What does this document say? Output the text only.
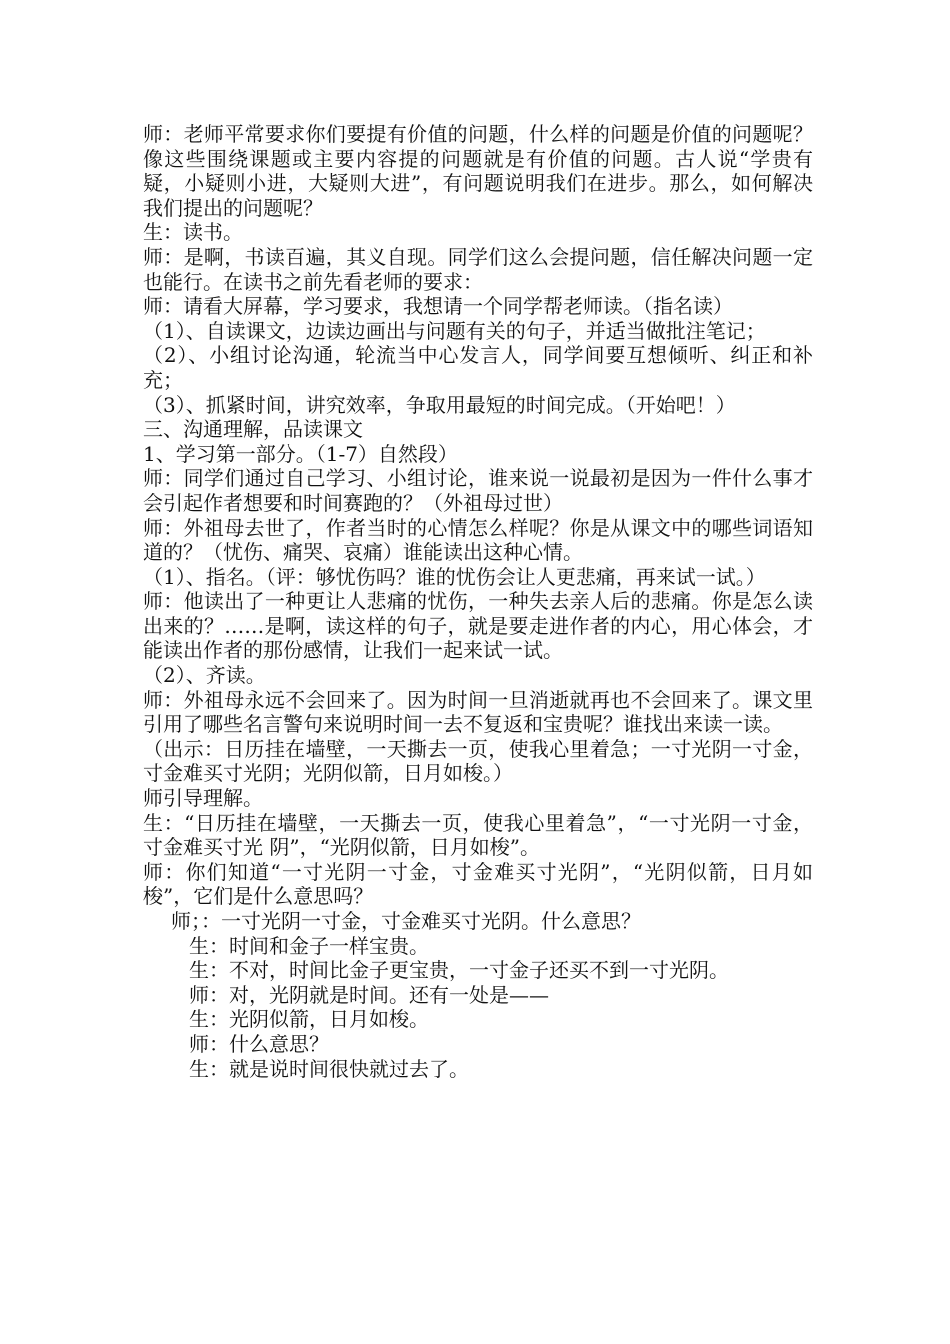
师：老师平常要求你们要提有价值的问题，什么样的问题是价值的问题呢？像这些围绕课题或主要内容提的问题就是有价值的问题。古人说“学贵有疑，小疑则小进，大疑则大进”，有问题说明我们在进步。那么，如何解决我们提出的问题呢？

生：读书。

师：是啊，书读百遍，其义自现。同学们这么会提问题，信任解决问题一定也能行。在读书之前先看老师的要求：

师：请看大屏幕，学习要求，我想请一个同学帮老师读。（指名读）

（1）、自读课文，边读边画出与问题有关的句子，并适当做批注笔记；

（2）、小组讨论沟通，轮流当中心发言人，同学间要互想倾听、纠正和补充；

（3）、抓紧时间，讲究效率，争取用最短的时间完成。（开始吧！）

三、沟通理解，品读课文

1、学习第一部分。（1-7）自然段）

师：同学们通过自己学习、小组讨论，谁来说一说最初是因为一件什么事才会引起作者想要和时间赛跑的？（外祖母过世）

师：外祖母去世了，作者当时的心情怎么样呢？你是从课文中的哪些词语知道的？（忧伤、痛哭、哀痛）谁能读出这种心情。

（1）、指名。（评：够忧伤吗？谁的忧伤会让人更悲痛，再来试一试。）

师：他读出了一种更让人悲痛的忧伤，一种失去亲人后的悲痛。你是怎么读出来的？……是啊，读这样的句子，就是要走进作者的内心，用心体会，才能读出作者的那份感情，让我们一起来试一试。

（2）、齐读。

师：外祖母永远不会回来了。因为时间一旦消逝就再也不会回来了。课文里引用了哪些名言警句来说明时间一去不复返和宝贵呢？谁找出来读一读。

（出示：日历挂在墙壁，一天撕去一页，使我心里着急；一寸光阴一寸金，寸金难买寸光阴；光阴似箭，日月如梭。）

师引导理解。

生：“日历挂在墙壁，一天撕去一页，使我心里着急”，“一寸光阴一寸金，寸金难买寸光 阴”，“光阴似箭，日月如梭”。

师：你们知道“一寸光阴一寸金，寸金难买寸光阴”，“光阴似箭，日月如梭”，它们是什么意思吗？

师；：一寸光阴一寸金，寸金难买寸光阴。什么意思？

生：时间和金子一样宝贵。

生：不对，时间比金子更宝贵，一寸金子还买不到一寸光阴。

师：对，光阴就是时间。还有一处是——

生：光阴似箭，日月如梭。

师：什么意思？

生：就是说时间很快就过去了。
